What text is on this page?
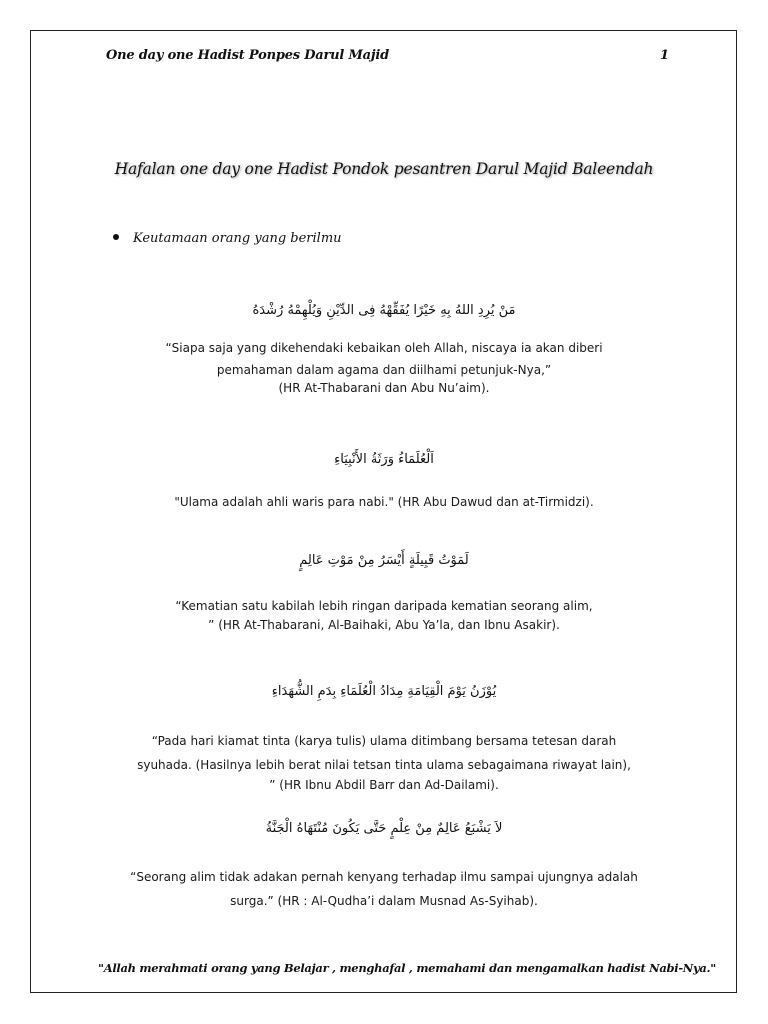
One day one Hadist Ponpes Darul Majid	1
Hafalan one day one Hadist Pondok pesantren Darul Majid Baleendah
Keutamaan orang yang berilmu
مَنْ يُرِدِ اللهُ بِهِ خَيْرًا يُفَقِّهْهُ فِى الدِّيْنِ وَيُلْهِمْهُ رُشْدَهُ
“Siapa saja yang dikehendaki kebaikan oleh Allah, niscaya ia akan diberi
pemahaman dalam agama dan diilhami petunjuk-Nya,”
(HR At-Thabarani dan Abu Nu’aim).
اَلْعُلَمَاءُ وَرَثَةُ الأَنْبِيَاءِ
"Ulama adalah ahli waris para nabi." (HR Abu Dawud dan at-Tirmidzi).
لَمَوْتُ قَبِيلَةٍ أَيْسَرُ مِنْ مَوْتِ عَالِمٍ
“Kematian satu kabilah lebih ringan daripada kematian seorang alim,
” (HR At-Thabarani, Al-Baihaki, Abu Ya’la, dan Ibnu Asakir).
يُوْزَنُ يَوْمَ الْقِيَامَةِ مِدَادُ الْعُلَمَاءِ بِدَمِ الشُّهَدَاءِ
“Pada hari kiamat tinta (karya tulis) ulama ditimbang bersama tetesan darah
syuhada. (Hasilnya lebih berat nilai tetsan tinta ulama sebagaimana riwayat lain),
” (HR Ibnu Abdil Barr dan Ad-Dailami).
لاَ يَشْبَعُ عَالِمٌ مِنْ عِلْمٍ حَتَّى يَكُونَ مُنْتَهَاهُ الْجَنَّةُ
“Seorang alim tidak adakan pernah kenyang terhadap ilmu sampai ujungnya adalah
surga.” (HR : Al-Qudha’i dalam Musnad As-Syihab).
"Allah merahmati orang yang Belajar , menghafal , memahami dan mengamalkan hadist Nabi-Nya."
